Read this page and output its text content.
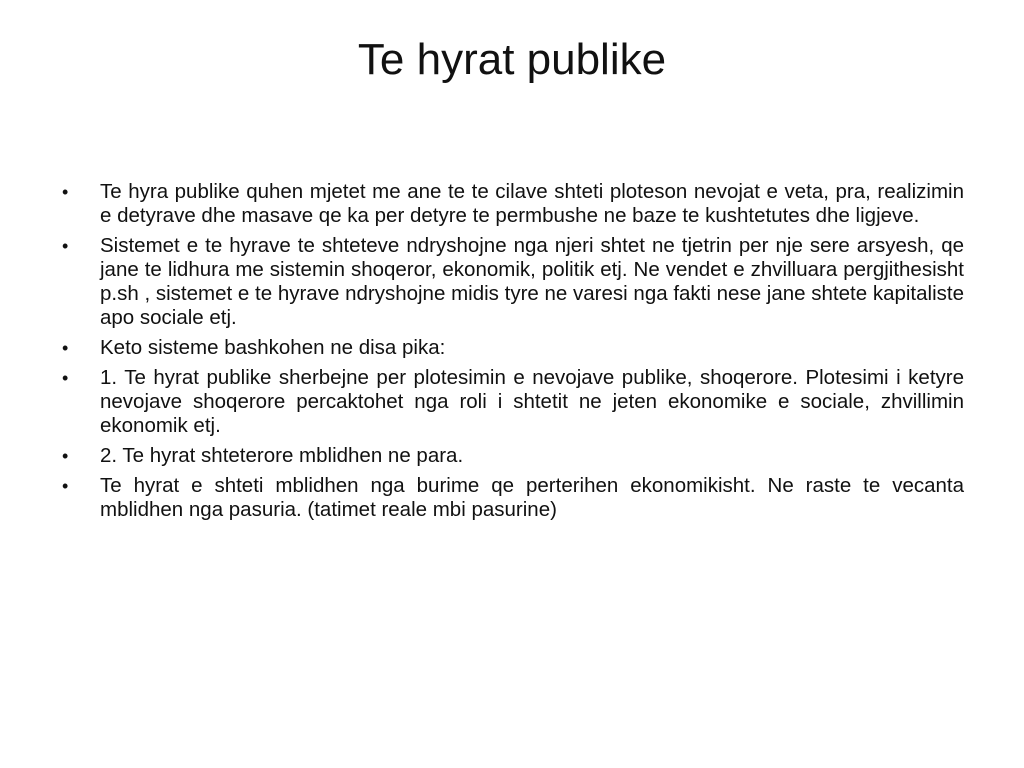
Te hyrat publike
•	Te hyra publike quhen mjetet me ane te te cilave shteti ploteson nevojat e veta, pra, realizimin e detyrave dhe masave qe ka per detyre te permbushe ne baze te kushtetutes dhe ligjeve.
•	Sistemet e te hyrave te shteteve ndryshojne nga njeri shtet ne tjetrin per nje sere arsyesh, qe jane te lidhura me sistemin shoqeror, ekonomik, politik etj. Ne vendet e zhvilluara pergjithesisht p.sh , sistemet e te hyrave ndryshojne midis tyre ne varesi nga fakti nese jane shtete kapitaliste apo sociale etj.
•	Keto sisteme bashkohen ne disa pika:
•	1. Te hyrat publike sherbejne per plotesimin e nevojave publike, shoqerore. Plotesimi i ketyre nevojave shoqerore percaktohet nga roli i shtetit ne jeten ekonomike e sociale, zhvillimin ekonomik etj.
•	2. Te hyrat shteterore mblidhen ne para.
•	Te hyrat e shteti mblidhen nga burime qe perterihen ekonomikisht. Ne raste te vecanta mblidhen nga pasuria. (tatimet reale mbi pasurine)
